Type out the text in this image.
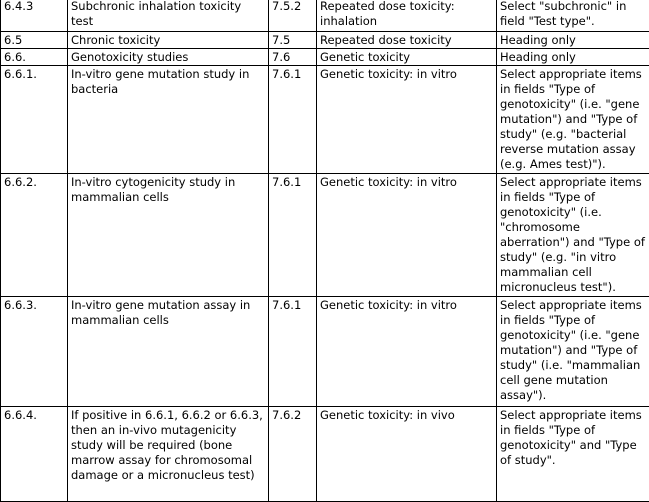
6.4.3	Subchronic inhalation toxicity test	7.5.2	Repeated dose toxicity: inhalation	Select "subchronic" in field "Test type".
6.5	Chronic toxicity	7.5	Repeated dose toxicity	Heading only
6.6.	Genotoxicity studies	7.6	Genetic toxicity	Heading only
6.6.1.	In-vitro gene mutation study in bacteria	7.6.1	Genetic toxicity: in vitro	Select appropriate items in fields "Type of genotoxicity" (i.e. "gene mutation") and "Type of study" (e.g. "bacterial reverse mutation assay (e.g. Ames test)").
6.6.2.	In-vitro cytogenicity study in mammalian cells	7.6.1	Genetic toxicity: in vitro	Select appropriate items in fields "Type of genotoxicity" (i.e. "chromosome aberration") and "Type of study" (e.g. "in vitro mammalian cell micronucleus test").
6.6.3.	In-vitro gene mutation assay in mammalian cells	7.6.1	Genetic toxicity: in vitro	Select appropriate items in fields "Type of genotoxicity" (i.e. "gene mutation") and "Type of study" (i.e. "mammalian cell gene mutation assay").
6.6.4.	If positive in 6.6.1, 6.6.2 or 6.6.3, then an in-vivo mutagenicity study will be required (bone marrow assay for chromosomal damage or a micronucleus test)	7.6.2	Genetic toxicity: in vivo	Select appropriate items in fields "Type of genotoxicity" and "Type of study".
